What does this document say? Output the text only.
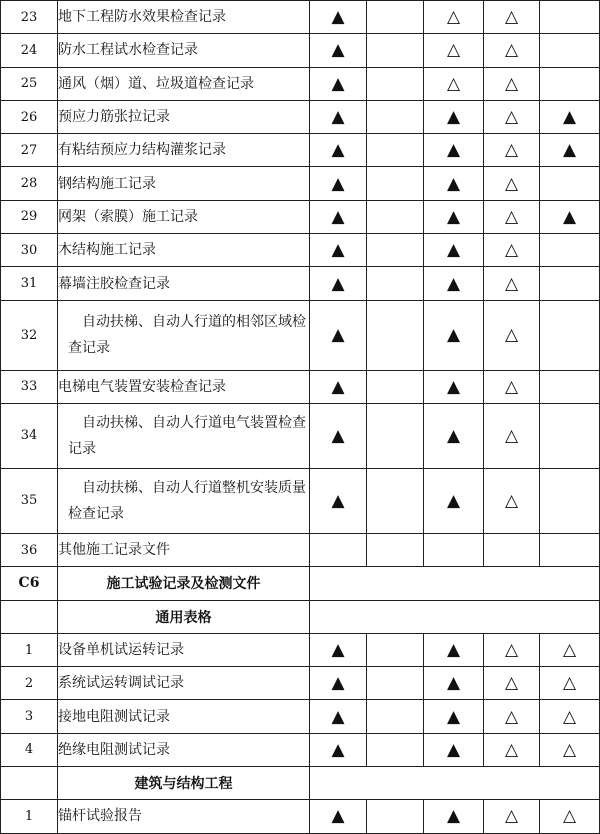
23	地下工程防水效果检查记录	▲		△	△	
24	防水工程试水检查记录	▲		△	△	
25	通风（烟）道、垃圾道检查记录	▲		△	△	
26	预应力筋张拉记录	▲		▲	△	▲
27	有粘结预应力结构灌浆记录	▲		▲	△	▲
28	钢结构施工记录	▲		▲	△	
29	网架（索膜）施工记录	▲		▲	△	▲
30	木结构施工记录	▲		▲	△	
31	幕墙注胶检查记录	▲		▲	△	
32	自动扶梯、自动人行道的相邻区域检查记录	▲		▲	△	
33	电梯电气装置安装检查记录	▲		▲	△	
34	自动扶梯、自动人行道电气装置检查记录	▲		▲	△	
35	自动扶梯、自动人行道整机安装质量检查记录	▲		▲	△	
36	其他施工记录文件					
C6	施工试验记录及检测文件					
	通用表格					
1	设备单机试运转记录	▲		▲	△	△
2	系统试运转调试记录	▲		▲	△	△
3	接地电阻测试记录	▲		▲	△	△
4	绝缘电阻测试记录	▲		▲	△	△
	建筑与结构工程					
1	锚杆试验报告	▲		▲	△	△
